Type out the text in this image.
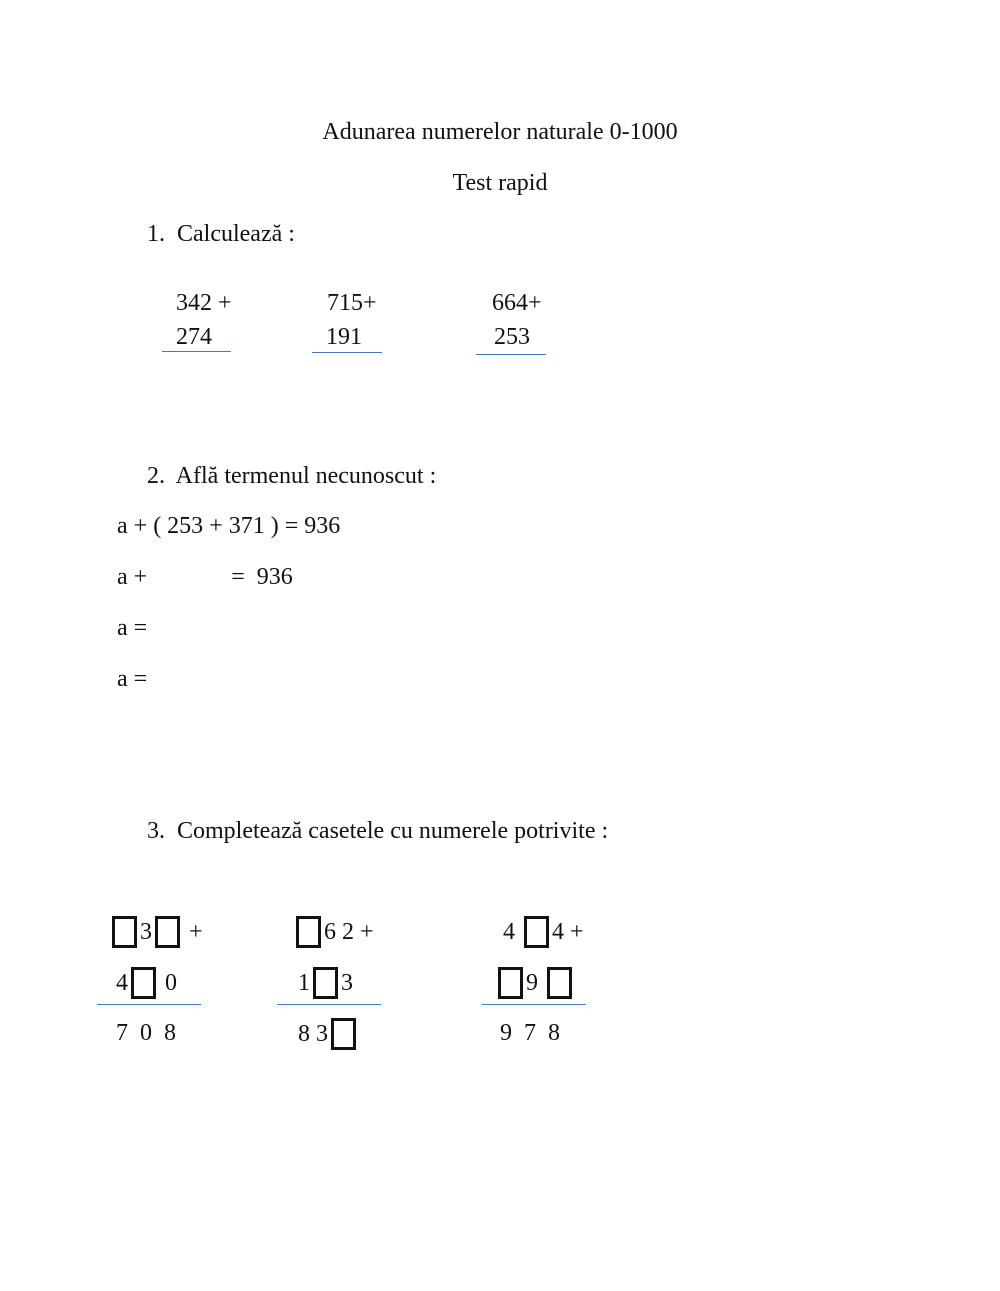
Adunarea numerelor naturale 0-1000
Test rapid
1.  Calculează :
342 +
274
715+
191
664+
253
2.  Află termenul necunoscut :
a + ( 253 + 371 ) = 936
a +              =  936
a =
a =
3.  Completează casetele cu numerele potrivite :
3 +
4 0
7  0  8
6 2 +
1 3
8 3
4 4 +
9
9  7  8
